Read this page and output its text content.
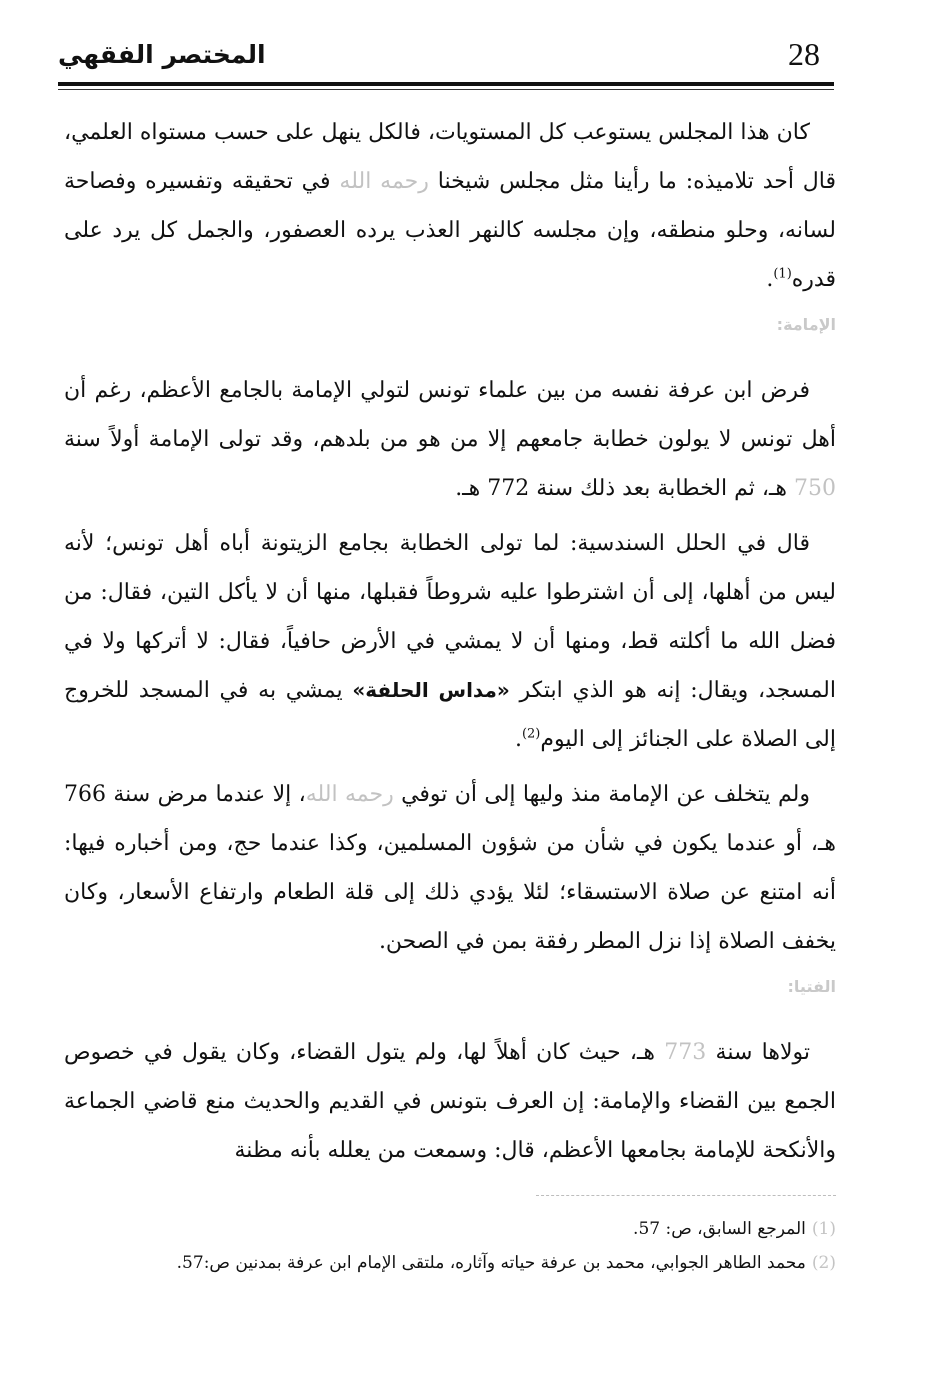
28
المختصر الفقهي

كان هذا المجلس يستوعب كل المستويات، فالكل ينهل على حسب مستواه العلمي، قال أحد تلاميذه: ما رأينا مثل مجلس شيخنا رحمه الله في تحقيقه وتفسيره وفصاحة لسانه، وحلو منطقه، وإن مجلسه كالنهر العذب يرده العصفور، والجمل كل يرد على قدره$^{(1)}$.

الإمامة:

فرض ابن عرفة نفسه من بين علماء تونس لتولي الإمامة بالجامع الأعظم، رغم أن أهل تونس لا يولون خطابة جامعهم إلا من هو من بلدهم، وقد تولى الإمامة أولاً سنة 750 هـ، ثم الخطابة بعد ذلك سنة 772 هـ.

قال في الحلل السندسية: لما تولى الخطابة بجامع الزيتونة أباه أهل تونس؛ لأنه ليس من أهلها، إلى أن اشترطوا عليه شروطاً فقبلها، منها أن لا يأكل التين، فقال: من فضل الله ما أكلته قط، ومنها أن لا يمشي في الأرض حافياً، فقال: لا أتركها ولا في المسجد، ويقال: إنه هو الذي ابتكر «مداس الحلفة» يمشي به في المسجد للخروج إلى الصلاة على الجنائز إلى اليوم$^{(2)}$.

ولم يتخلف عن الإمامة منذ وليها إلى أن توفي رحمه الله، إلا عندما مرض سنة 766 هـ، أو عندما يكون في شأن من شؤون المسلمين، وكذا عندما حج، ومن أخباره فيها: أنه امتنع عن صلاة الاستسقاء؛ لئلا يؤدي ذلك إلى قلة الطعام وارتفاع الأسعار، وكان يخفف الصلاة إذا نزل المطر رفقة بمن في الصحن.

الفتيا:

تولاها سنة 773 هـ، حيث كان أهلاً لها، ولم يتول القضاء، وكان يقول في خصوص الجمع بين القضاء والإمامة: إن العرف بتونس في القديم والحديث منع قاضي الجماعة والأنكحة للإمامة بجامعها الأعظم، قال: وسمعت من يعلله بأنه مظنة

(1)المرجع السابق، ص: 57.
(2)محمد الطاهر الجوابي، محمد بن عرفة حياته وآثاره، ملتقى الإمام ابن عرفة بمدنين ص:57.
